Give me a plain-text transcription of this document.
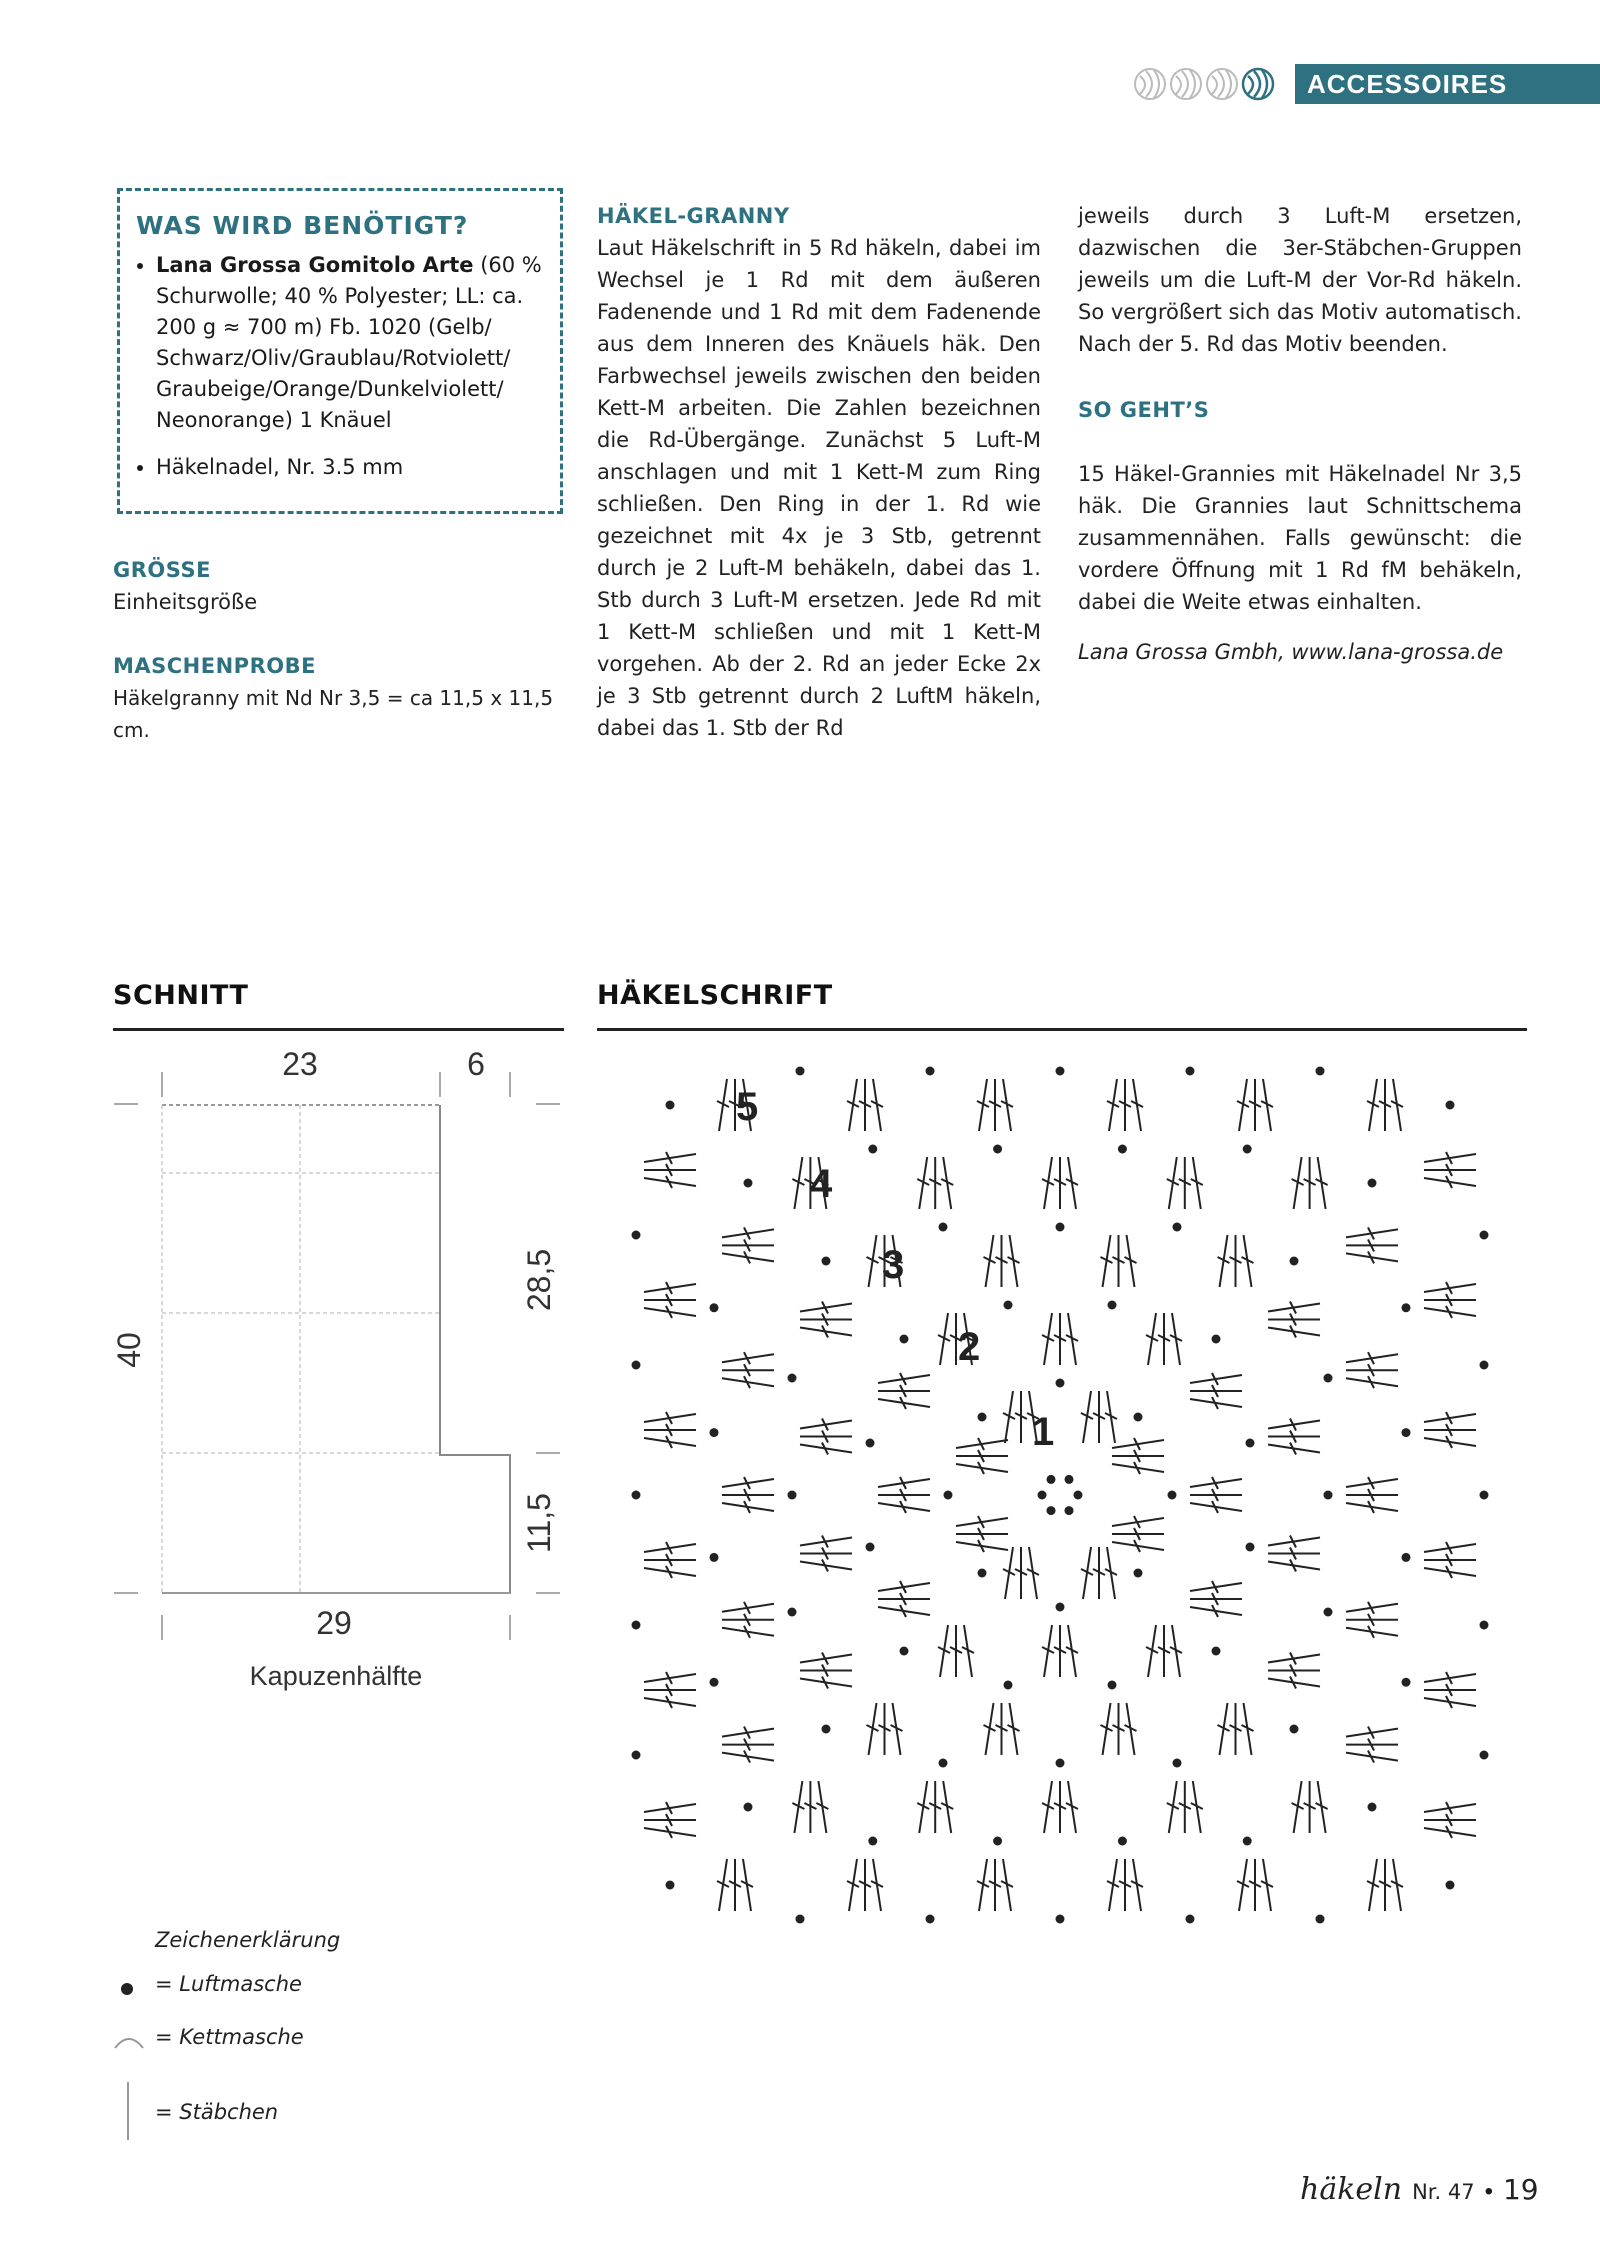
ACCESSOIRES
WAS WIRD BENÖTIGT?
• Lana Grossa Gomitolo Arte (60 % Schurwolle; 40 % Polyester; LL: ca. 200 g ≈ 700 m) Fb. 1020 (Gelb/ Schwarz/Oliv/Graublau/Rotviolett/ Graubeige/Orange/Dunkelviolett/ Neonorange) 1 Knäuel
• Häkelnadel, Nr. 3.5 mm
GRÖSSE
Einheitsgröße
MASCHENPROBE
Häkelgranny mit Nd Nr 3,5 = ca 11,5 x 11,5 cm.
HÄKEL-GRANNY
Laut Häkelschrift in 5 Rd häkeln, dabei im Wechsel je 1 Rd mit dem äußeren Fadenende und 1 Rd mit dem Fadenende aus dem Inneren des Knäuels häk. Den Farbwechsel jeweils zwischen den beiden Kett-M arbeiten. Die Zahlen bezeichnen die Rd-Übergänge. Zunächst 5 Luft-M anschlagen und mit 1 Kett-M zum Ring schließen. Den Ring in der 1. Rd wie gezeichnet mit 4x je 3 Stb, getrennt durch je 2 Luft-M behäkeln, dabei das 1. Stb durch 3 Luft-M ersetzen. Jede Rd mit 1 Kett-M schließen und mit 1 Kett-M vorgehen. Ab der 2. Rd an jeder Ecke 2x je 3 Stb getrennt durch 2 LuftM häkeln, dabei das 1. Stb der Rd
jeweils durch 3 Luft-M ersetzen, dazwischen die 3er-Stäbchen-Gruppen jeweils um die Luft-M der Vor-Rd häkeln. So vergrößert sich das Motiv automatisch. Nach der 5. Rd das Motiv beenden.
SO GEHT’S
15 Häkel-Grannies mit Häkelnadel Nr 3,5 häk. Die Grannies laut Schnittschema zusammennähen. Falls gewünscht: die vordere Öffnung mit 1 Rd fM behäkeln, dabei die Weite etwas einhalten.
Lana Grossa Gmbh, www.lana-grossa.de
SCHNITT
23	6
40
28,5
11,5
29
Kapuzenhälfte
HÄKELSCHRIFT
5
4
3
2
1
Zeichenerklärung
= Luftmasche
= Kettmasche
= Stäbchen
häkeln Nr. 47 • 19
